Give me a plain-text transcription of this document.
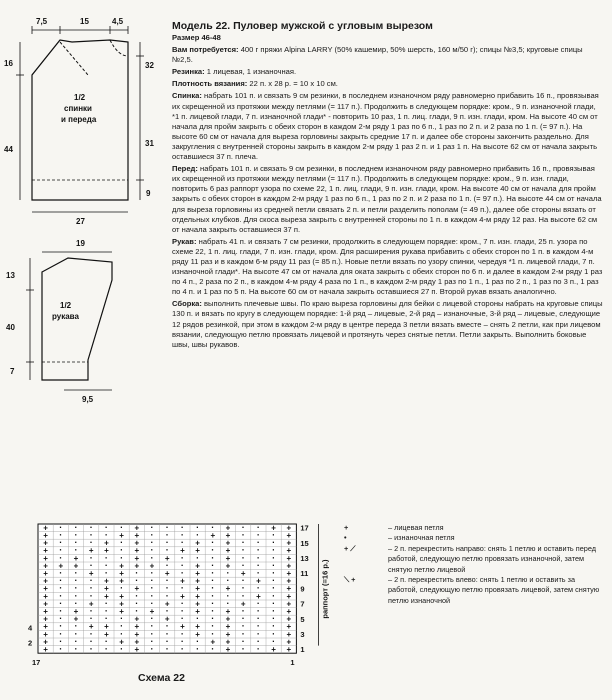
7,5	15	4,5
16
44
32
31
9
27
1/2
спинки
и переда
19
13
40
7
9,5
1/2
рукава
Модель 22. Пуловер мужской с угловым вырезом

Размер 46-48

Вам потребуется: 400 г пряжи Alpina LARRY (50% кашемир, 50% шерсть, 160 м/50 г); спицы №3,5; круговые спицы №2,5.

Резинка: 1 лицевая, 1 изнаночная.

Плотность вязания: 22 п. х 28 р. = 10 х 10 см.

Спинка: набрать 101 п. и связать 9 см резинки, в последнем изнаночном ряду равномерно прибавить 16 п., провязывая их скрещенной из протяжки между петлями (= 117 п.). Продолжить в следующем порядке: кром., 9 п. изнаночной глади, *1 п. лицевой глади, 7 п. изнаночной глади* - повторить 10 раз, 1 п. лиц. глади, 9 п. изн. глади, кром. На высоте 40 см от начала для пройм закрыть с обеих сторон в каждом 2-м ряду 1 раз по 6 п., 1 раз по 2 п. и 2 раза по 1 п. (= 97 п.). На высоте 60 см от начала для выреза горловины закрыть средние 17 п. и далее обе стороны закончить раздельно. Для закругления с внутренней стороны закрыть в каждом 2-м ряду 1 раз 2 п. и 1 раз 1 п. На высоте 62 см от начала закрыть оставшиеся 37 п. плеча.

Перед: набрать 101 п. и связать 9 см резинки, в последнем изнаночном ряду равномерно прибавить 16 п., провязывая их скрещенной из протяжки между петлями (= 117 п.). Продолжить в следующем порядке: кром., 9 п. изн. глади, повторить 6 раз раппорт узора по схеме 22, 1 п. лиц. глади, 9 п. изн. глади, кром. На высоте 40 см от начала для пройм закрыть с обеих сторон в каждом 2-м ряду 1 раз по 6 п., 1 раз по 2 п. и 2 раза по 1 п. (= 97 п.). На высоте 44 см от начала для выреза горловины из средней петли связать 2 п. и петли разделить пополам (= 49 п.), далее обе стороны вязать от отдельных клубков. Для скоса выреза закрыть с внутренней стороны по 1 п. в каждом 4-м ряду 12 раз. На высоте 62 см от начала закрыть оставшиеся 37 п.

Рукав: набрать 41 п. и связать 7 см резинки, продолжить в следующем порядке: кром., 7 п. изн. глади, 25 п. узора по схеме 22, 1 п. лиц. глади, 7 п. изн. глади, кром. Для расширения рукава прибавить с обеих сторон по 1 п. в каждом 4-м ряду 11 раз и в каждом 6-м ряду 11 раз (= 85 п.). Новые петли вязать по узору спинки, чередуя *1 п. лицевой глади, 7 п. изнаночной глади*. На высоте 47 см от начала для оката закрыть с обеих сторон по 6 п. и далее в каждом 2-м ряду 1 раз по 4 п., 2 раза по 2 п., в каждом 4-м ряду 4 раза по 1 п., в каждом 2-м ряду 1 раз по 1 п., 1 раз по 2 п., 1 раз по 3 п., 1 раз по 4 п. и 1 раз по 5 п. На высоте 60 см от начала закрыть оставшиеся 27 п. Второй рукав вязать аналогично.

Сборка: выполнить плечевые швы. По краю выреза горловины для бейки с лицевой стороны набрать на круговые спицы 130 п. и вязать по кругу в следующем порядке: 1-й ряд – лицевые, 2-й ряд – изнаночные, 3-й ряд – лицевые, следующие 12 рядов резинкой, при этом в каждом 2-м ряду в центре переда 3 петли вязать вместе – снять 2 петли, как при лицевом вязании, следующую петлю провязать лицевой и протянуть через снятые петли. Петли закрыть. Выполнить боковые швы, швы рукавов.

+ · · · · · + · · · · · + · · + +
+ · · · · + + · · · · + + · · · +
+ · · · + · + · · · + · + · · · +
+ · · + + · + · · + + · + · · · +
+ · + · · · + · + · · · + · · · +
+ + + · · + + + · · + · + · · · +
+ · · + · + · · + · + · · + · · +
+ · · · + + · · · + + · · · + · +
+ · · · + · + · · · + · + · · · +
+ · · · + + · · · + + · · · + · +
+ · · + · + · · + · + · · + · · +
+ · + · · + · + · · + · + · · · +
+ · + · · · + · + · · · + · · · +
+ · · + + · + · · + + · + · · · +
+ · · · + · + · · · + · + · · · +
+ · · · · + + · · · · + + · · · +
+ · · · · · + · · · · · + · · + +
17
15
13
11
9
7
5
3
1
2
4
17	1
раппорт (=16 р.)
+	– лицевая петля
•	– изнаночная петля
+ ⟋	– 2 п. перекрестить направо: снять 1 петлю и оставить перед работой, следующую петлю провязать изнаночной, затем снятую петлю лицевой
⟍ +	– 2 п. перекрестить влево: снять 1 петлю и оставить за работой, следующую петлю провязать лицевой, затем снятую петлю изнаночной
Схема 22
